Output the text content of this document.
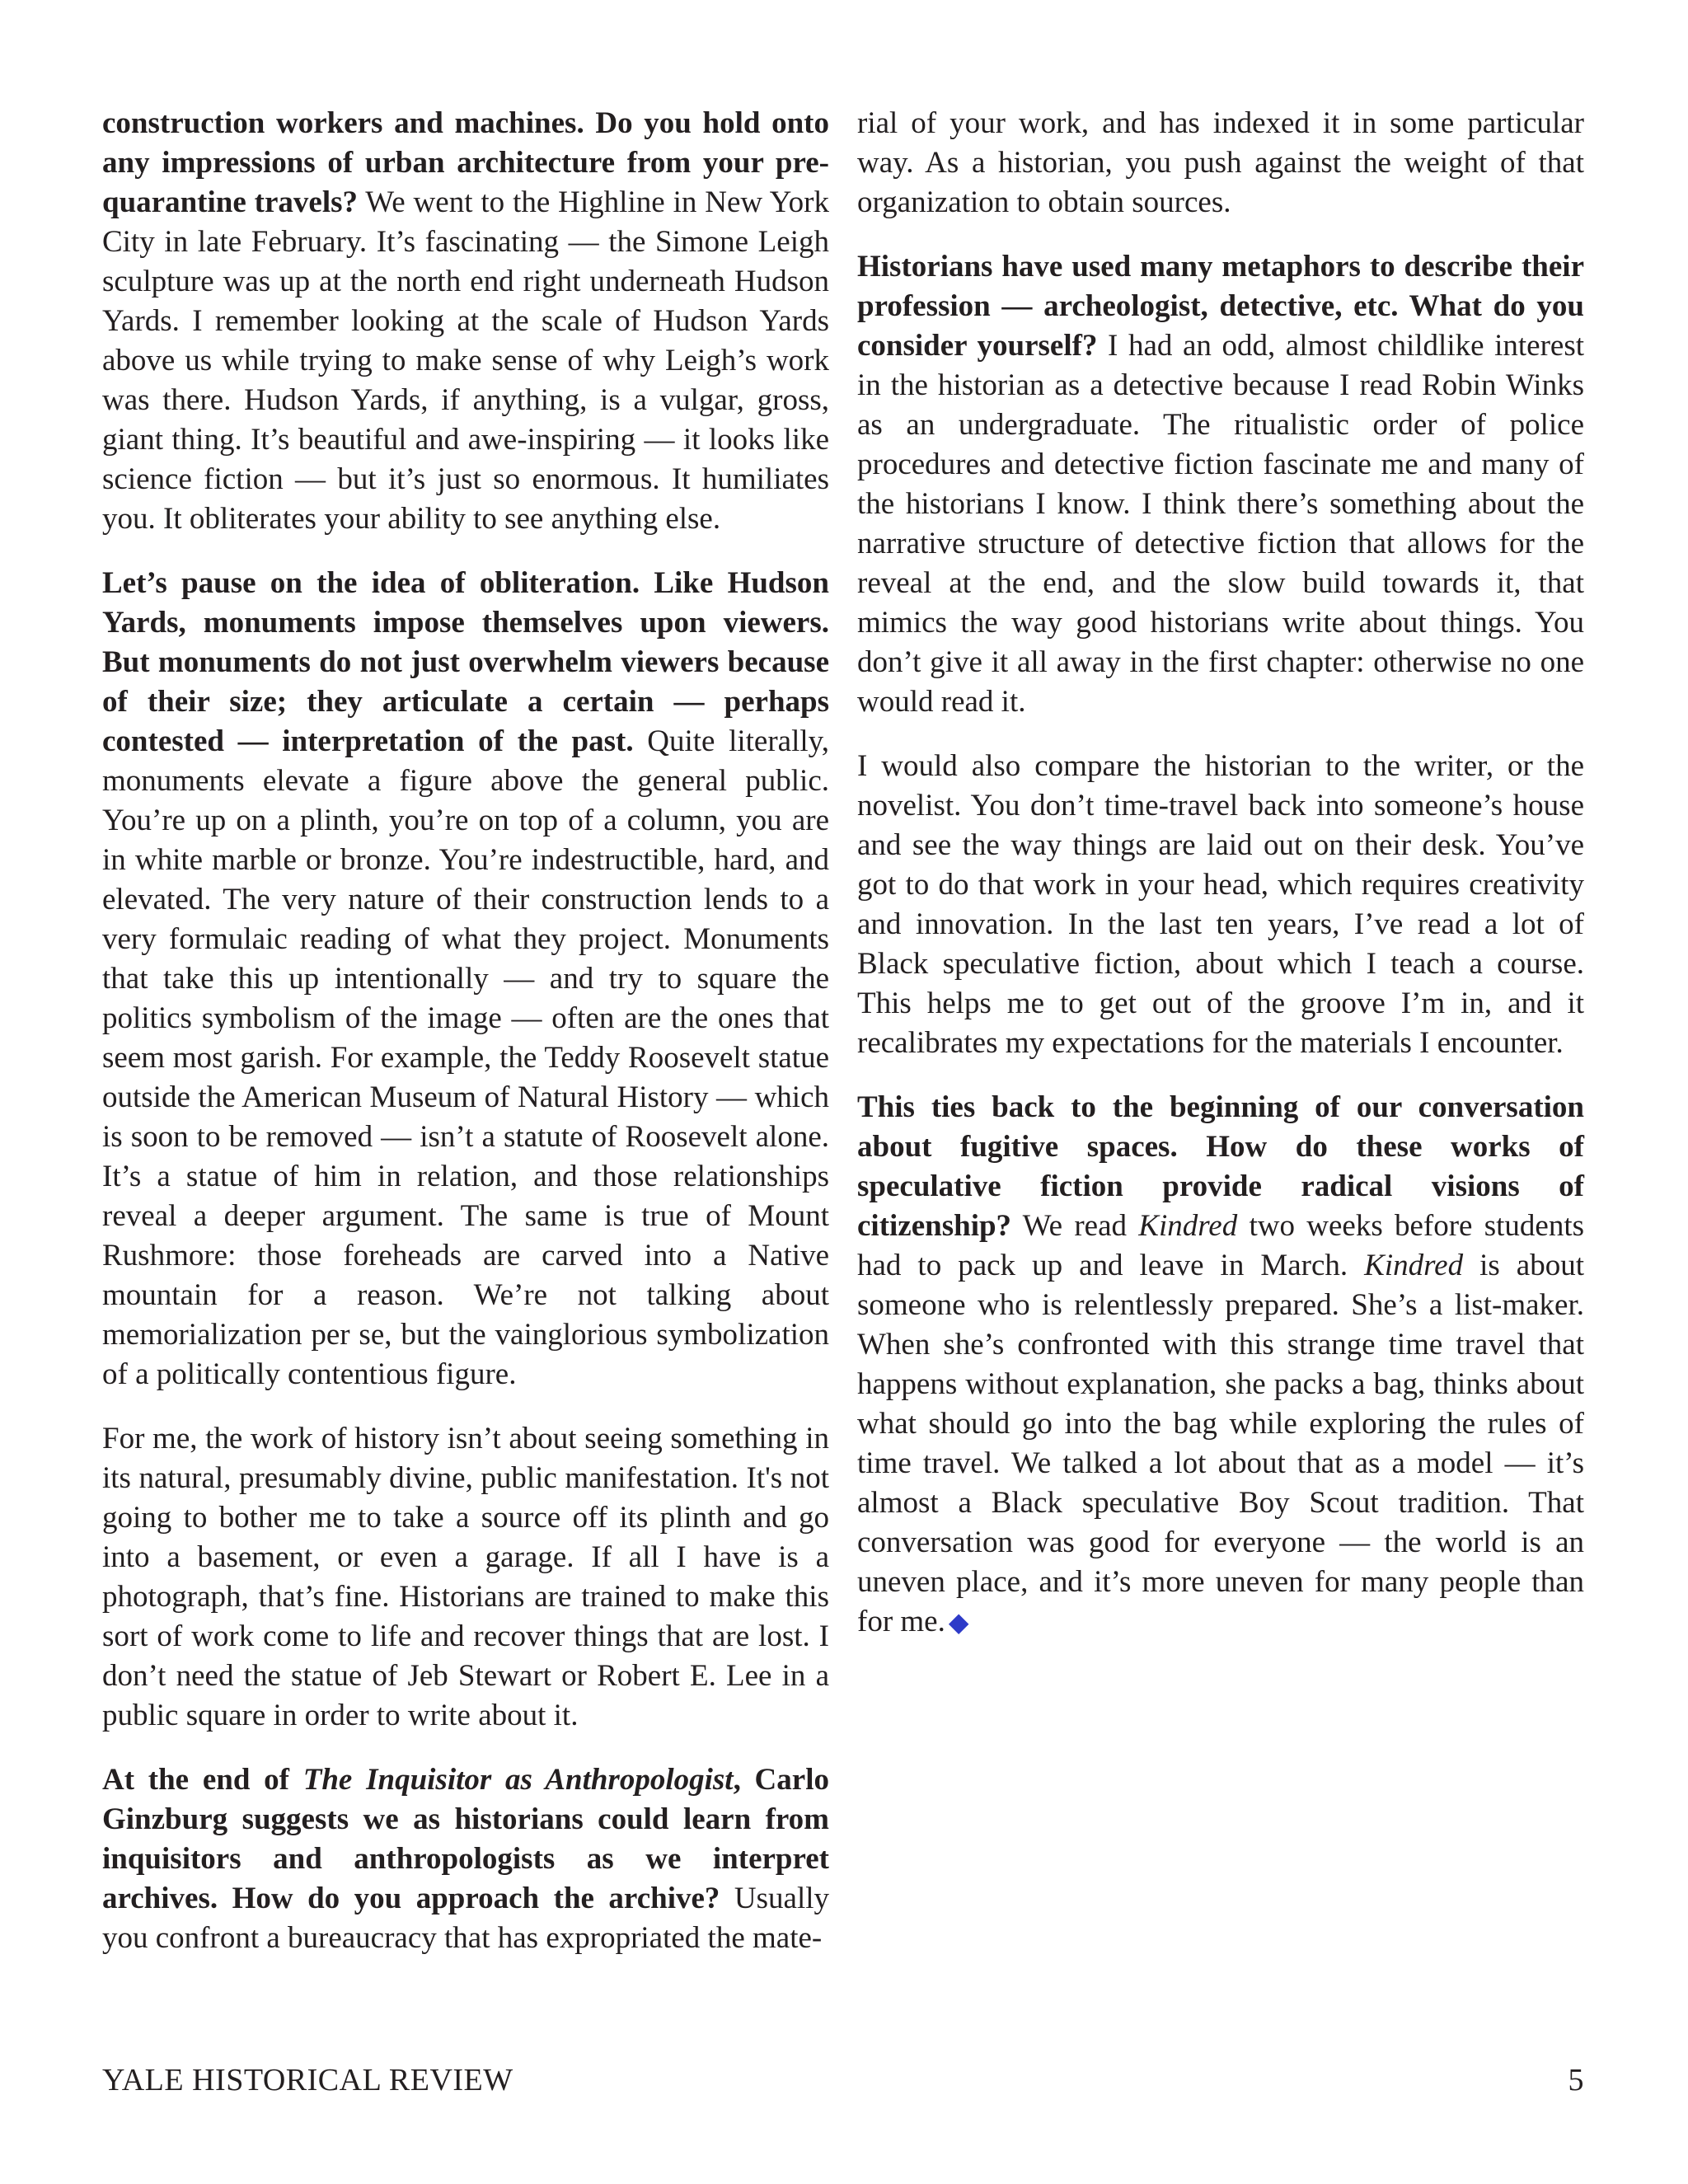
construction workers and machines. Do you hold onto any impressions of urban architecture from your pre-quarantine travels? We went to the Highline in New York City in late February. It’s fascinating — the Simone Leigh sculpture was up at the north end right underneath Hudson Yards. I remember looking at the scale of Hudson Yards above us while trying to make sense of why Leigh’s work was there. Hudson Yards, if anything, is a vulgar, gross, giant thing. It’s beautiful and awe-inspiring — it looks like science fiction — but it’s just so enormous. It humiliates you. It obliterates your ability to see anything else.

Let’s pause on the idea of obliteration. Like Hudson Yards, monuments impose themselves upon viewers. But monuments do not just overwhelm viewers because of their size; they articulate a certain — perhaps contested — interpretation of the past. Quite literally, monuments elevate a figure above the general public. You’re up on a plinth, you’re on top of a column, you are in white marble or bronze. You’re indestructible, hard, and elevated. The very nature of their construction lends to a very formulaic reading of what they project. Monuments that take this up intentionally — and try to square the politics symbolism of the image — often are the ones that seem most garish. For example, the Teddy Roosevelt statue outside the American Museum of Natural History — which is soon to be removed — isn’t a statute of Roosevelt alone. It’s a statue of him in relation, and those relationships reveal a deeper argument. The same is true of Mount Rushmore: those foreheads are carved into a Native mountain for a reason. We’re not talking about memorialization per se, but the vainglorious symbolization of a politically contentious figure.

For me, the work of history isn’t about seeing something in its natural, presumably divine, public manifestation. It's not going to bother me to take a source off its plinth and go into a basement, or even a garage. If all I have is a photograph, that’s fine. Historians are trained to make this sort of work come to life and recover things that are lost. I don’t need the statue of Jeb Stewart or Robert E. Lee in a public square in order to write about it.

At the end of The Inquisitor as Anthropologist, Carlo Ginzburg suggests we as historians could learn from inquisitors and anthropologists as we interpret archives. How do you approach the archive? Usually you confront a bureaucracy that has expropriated the mate-

rial of your work, and has indexed it in some particular way. As a historian, you push against the weight of that organization to obtain sources.

Historians have used many metaphors to describe their profession — archeologist, detective, etc. What do you consider yourself? I had an odd, almost childlike interest in the historian as a detective because I read Robin Winks as an undergraduate. The ritualistic order of police procedures and detective fiction fascinate me and many of the historians I know. I think there’s something about the narrative structure of detective fiction that allows for the reveal at the end, and the slow build towards it, that mimics the way good historians write about things. You don’t give it all away in the first chapter: otherwise no one would read it.

I would also compare the historian to the writer, or the novelist. You don’t time-travel back into someone’s house and see the way things are laid out on their desk. You’ve got to do that work in your head, which requires creativity and innovation. In the last ten years, I’ve read a lot of Black speculative fiction, about which I teach a course. This helps me to get out of the groove I’m in, and it recalibrates my expectations for the materials I encounter.

This ties back to the beginning of our conversation about fugitive spaces. How do these works of speculative fiction provide radical visions of citizenship? We read Kindred two weeks before students had to pack up and leave in March. Kindred is about someone who is relentlessly prepared. She’s a list-maker. When she’s confronted with this strange time travel that happens without explanation, she packs a bag, thinks about what should go into the bag while exploring the rules of time travel. We talked a lot about that as a model — it’s almost a Black speculative Boy Scout tradition. That conversation was good for everyone — the world is an uneven place, and it’s more uneven for many people than for me. ◆

YALE HISTORICAL REVIEW	5
